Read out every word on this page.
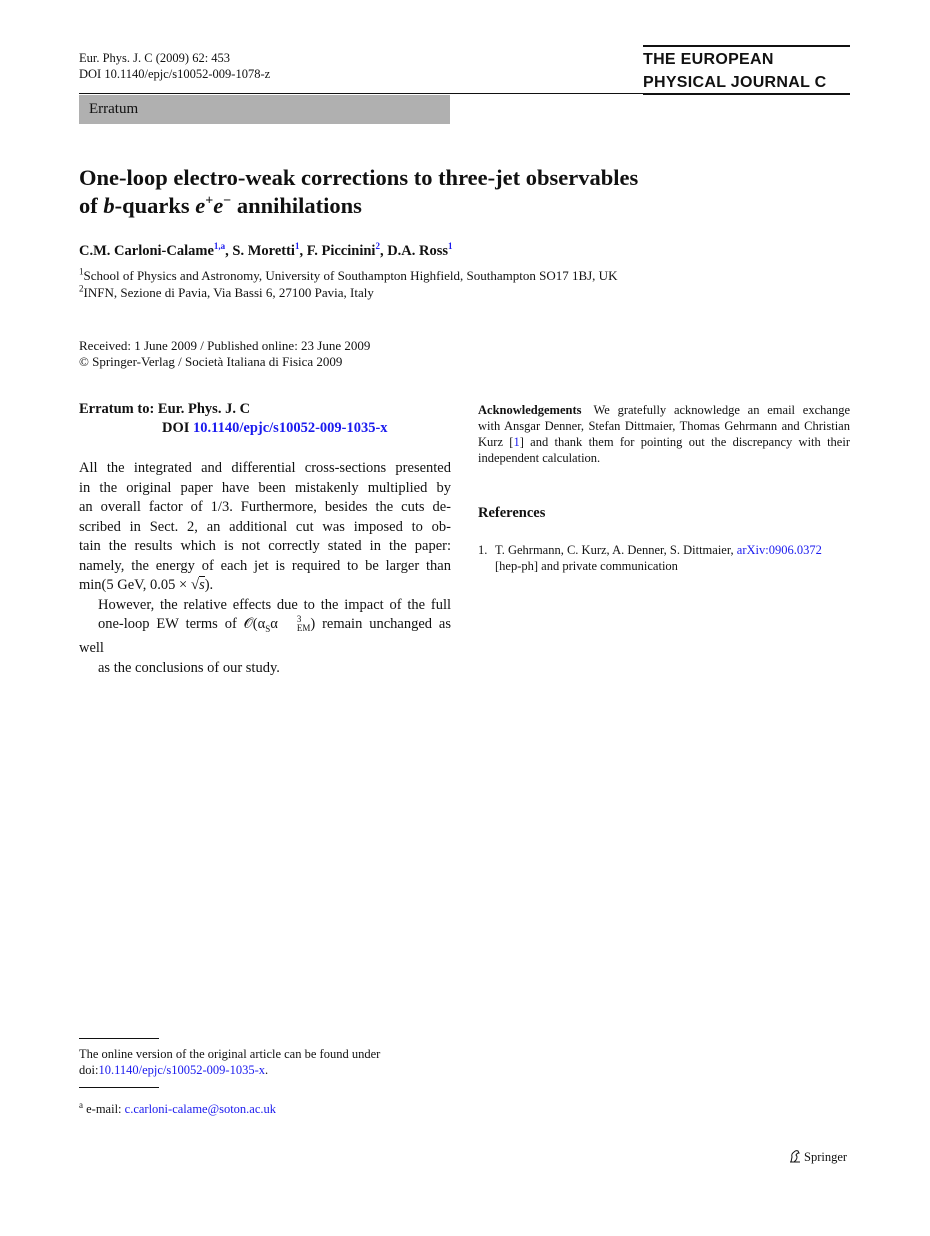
Eur. Phys. J. C (2009) 62: 453
DOI 10.1140/epjc/s10052-009-1078-z
THE EUROPEAN
PHYSICAL JOURNAL C
Erratum
One-loop electro-weak corrections to three-jet observables
of b-quarks e+e− annihilations
C.M. Carloni-Calame$^{1,a}$, S. Moretti$^1$, F. Piccinini$^2$, D.A. Ross$^1$
$^1$School of Physics and Astronomy, University of Southampton Highfield, Southampton SO17 1BJ, UK
$^2$INFN, Sezione di Pavia, Via Bassi 6, 27100 Pavia, Italy
Received: 1 June 2009 / Published online: 23 June 2009
© Springer-Verlag / Società Italiana di Fisica 2009
Erratum to: Eur. Phys. J. C
DOI 10.1140/epjc/s10052-009-1035-x

All the integrated and differential cross-sections presented
in the original paper have been mistakenly multiplied by
an overall factor of 1/3. Furthermore, besides the cuts de-
scribed in Sect. 2, an additional cut was imposed to ob-
tain the results which is not correctly stated in the paper:
namely, the energy of each jet is required to be larger than
min(5 GeV, 0.05 × √s).

However, the relative effects due to the impact of the full
one-loop EW terms of $𝒪(\alpha_S\alpha$	3
EM ) remain unchanged as well
as the conclusions of our study.

Acknowledgements We gratefully acknowledge an email exchange with Ansgar Denner, Stefan Dittmaier, Thomas Gehrmann and Christian Kurz [1] and thank them for pointing out the discrepancy with their independent calculation.
References
1. T. Gehrmann, C. Kurz, A. Denner, S. Dittmaier, arXiv:0906.0372 [hep-ph] and private communication
The online version of the original article can be found under
doi:10.1140/epjc/s10052-009-1035-x.
$^a$ e-mail: c.carloni-calame@soton.ac.uk
Springer
